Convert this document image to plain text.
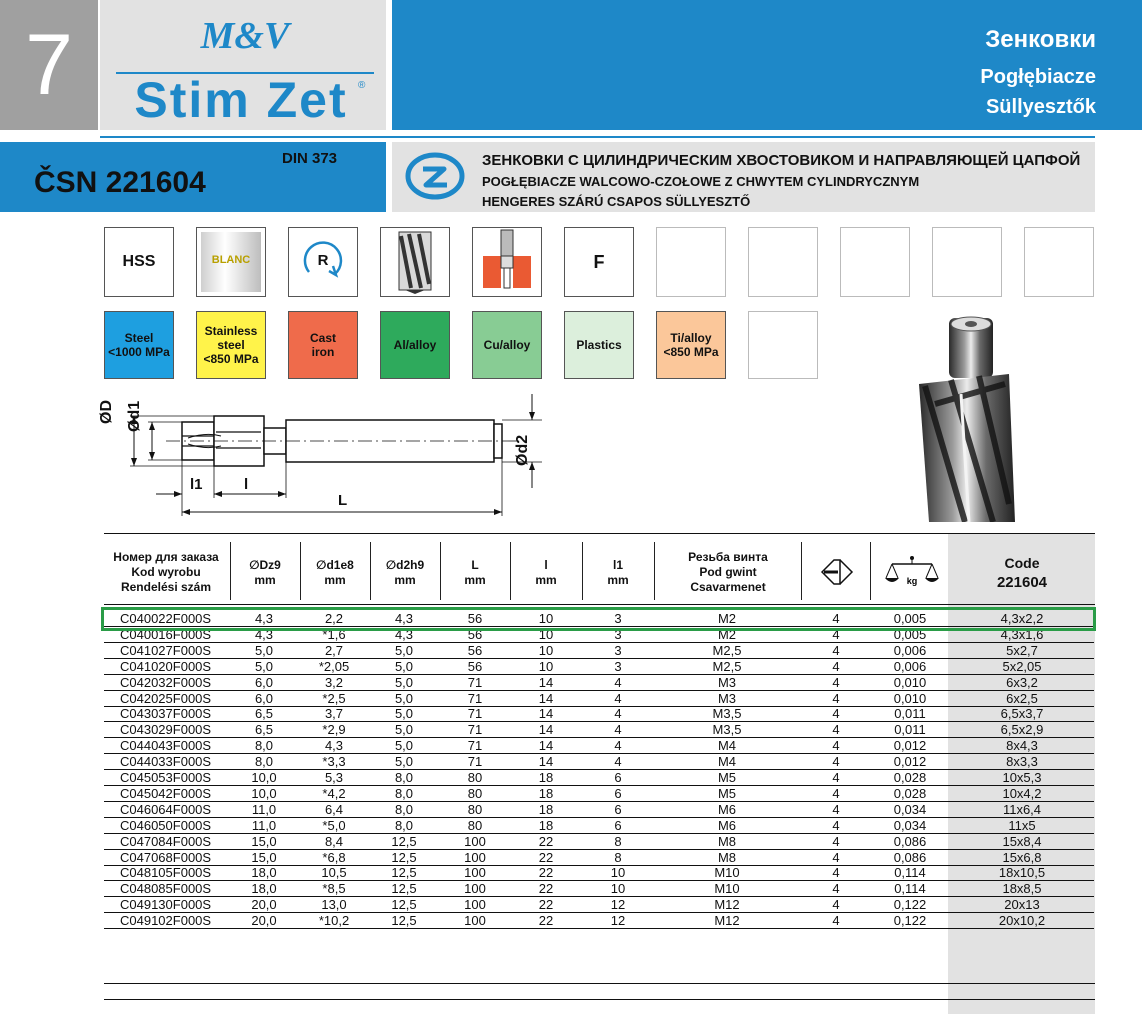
7	M&V
Stim Zet	®
Зенковки
Pogłębiacze
Süllyesztők
ČSN 221604
DIN 373	ЗЕНКОВКИ С ЦИЛИНДРИЧЕСКИМ ХВОСТОВИКОМ И НАПРАВЛЯЮЩЕЙ ЦАПФОЙ
POGŁĘBIACZE WALCOWO-CZOŁOWE Z CHWYTEM CYLINDRYCZNYM
HENGERES SZÁRÚ CSAPOS SÜLLYESZTŐ
HSS	BLANC	R	F
Steel
<1000 MPa
Stainless
steel
<850 MPa
Cast
iron	Al/alloy	Cu/alloy	Plastics	Ti/alloy
<850 MPa
ØD Ød1
Ød2
l1	l
L
Номер для заказа
Kod wyrobu
Rendelési szám
∅Dz9
mm
∅d1e8
mm
∅d2h9
mm
L
mm
l
mm
l1
mm
Резьба винта
Pod gwint
Csavarmenet	kg
Code
221604
C040022F000S	4,3	2,2	4,3	56	10	3	M2	4	0,005	4,3x2,2
C040016F000S	4,3	*1,6	4,3	56	10	3	M2	4	0,005	4,3x1,6
C041027F000S	5,0	2,7	5,0	56	10	3	M2,5	4	0,006	5x2,7
C041020F000S	5,0	*2,05	5,0	56	10	3	M2,5	4	0,006	5x2,05
C042032F000S	6,0	3,2	5,0	71	14	4	M3	4	0,010	6x3,2
C042025F000S	6,0	*2,5	5,0	71	14	4	M3	4	0,010	6x2,5
C043037F000S	6,5	3,7	5,0	71	14	4	M3,5	4	0,011	6,5x3,7
C043029F000S	6,5	*2,9	5,0	71	14	4	M3,5	4	0,011	6,5x2,9
C044043F000S	8,0	4,3	5,0	71	14	4	M4	4	0,012	8x4,3
C044033F000S	8,0	*3,3	5,0	71	14	4	M4	4	0,012	8x3,3
C045053F000S	10,0	5,3	8,0	80	18	6	M5	4	0,028	10x5,3
C045042F000S	10,0	*4,2	8,0	80	18	6	M5	4	0,028	10x4,2
C046064F000S	11,0	6,4	8,0	80	18	6	M6	4	0,034	11x6,4
C046050F000S	11,0	*5,0	8,0	80	18	6	M6	4	0,034	11x5
C047084F000S	15,0	8,4	12,5	100	22	8	M8	4	0,086	15x8,4
C047068F000S	15,0	*6,8	12,5	100	22	8	M8	4	0,086	15x6,8
C048105F000S	18,0	10,5	12,5	100	22	10	M10	4	0,114	18x10,5
C048085F000S	18,0	*8,5	12,5	100	22	10	M10	4	0,114	18x8,5
C049130F000S	20,0	13,0	12,5	100	22	12	M12	4	0,122	20x13
C049102F000S	20,0	*10,2	12,5	100	22	12	M12	4	0,122	20x10,2
